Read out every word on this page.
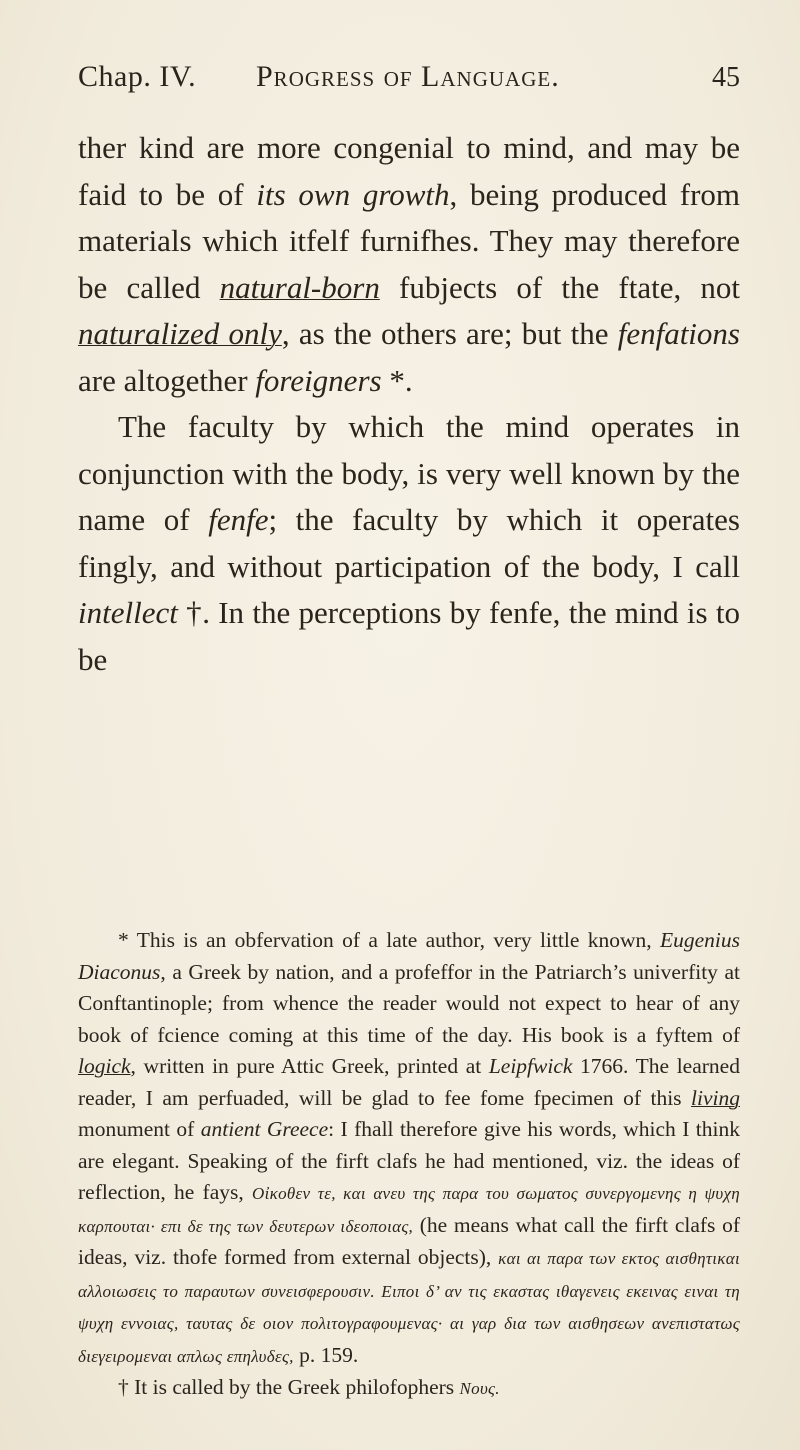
Chap. IV. Progress of Language.	45

ther kind are more congenial to mind, and may be faid to be of its own growth, being produced from materials which itfelf furnifhes. They may therefore be called natural-born fubjects of the ftate, not naturalized only, as the others are; but the fenfations are altogether foreigners *.

The faculty by which the mind operates in conjunction with the body, is very well known by the name of fenfe; the faculty by which it operates fingly, and without participation of the body, I call intellect †. In the perceptions by fenfe, the mind is to be

* This is an obfervation of a late author, very little known, Eugenius Diaconus, a Greek by nation, and a profeffor in the Patriarch’s univerfity at Conftantinople; from whence the reader would not expect to hear of any book of fcience coming at this time of the day. His book is a fyftem of logick, written in pure Attic Greek, printed at Leipfwick 1766. The learned reader, I am perfuaded, will be glad to fee fome fpecimen of this living monument of antient Greece: I fhall therefore give his words, which I think are elegant. Speaking of the firft clafs he had mentioned, viz. the ideas of reflection, he fays, Οἰκοθεν τε, και ανευ της παρα του σωματος συνεργομενης η ψυχη καρπουται· επι δε της των δευτερων ιδεοποιας, (he means what call the firft clafs of ideas, viz. thofe formed from external objects), και αι παρα των εκτος αισθητικαι αλλοιωσεις το παραυτων συνεισφερουσιν. Ειποι δ’ αν τις εκαστας ιθαγενεις εκεινας ειναι τη ψυχη εννοιας, ταυτας δε οιον πολιτογραφουμενας· αι γαρ δια των αισθησεων ανεπιστατως διεγειρομεναι απλως επηλυδες, p. 159.

† It is called by the Greek philofophers Νους.
